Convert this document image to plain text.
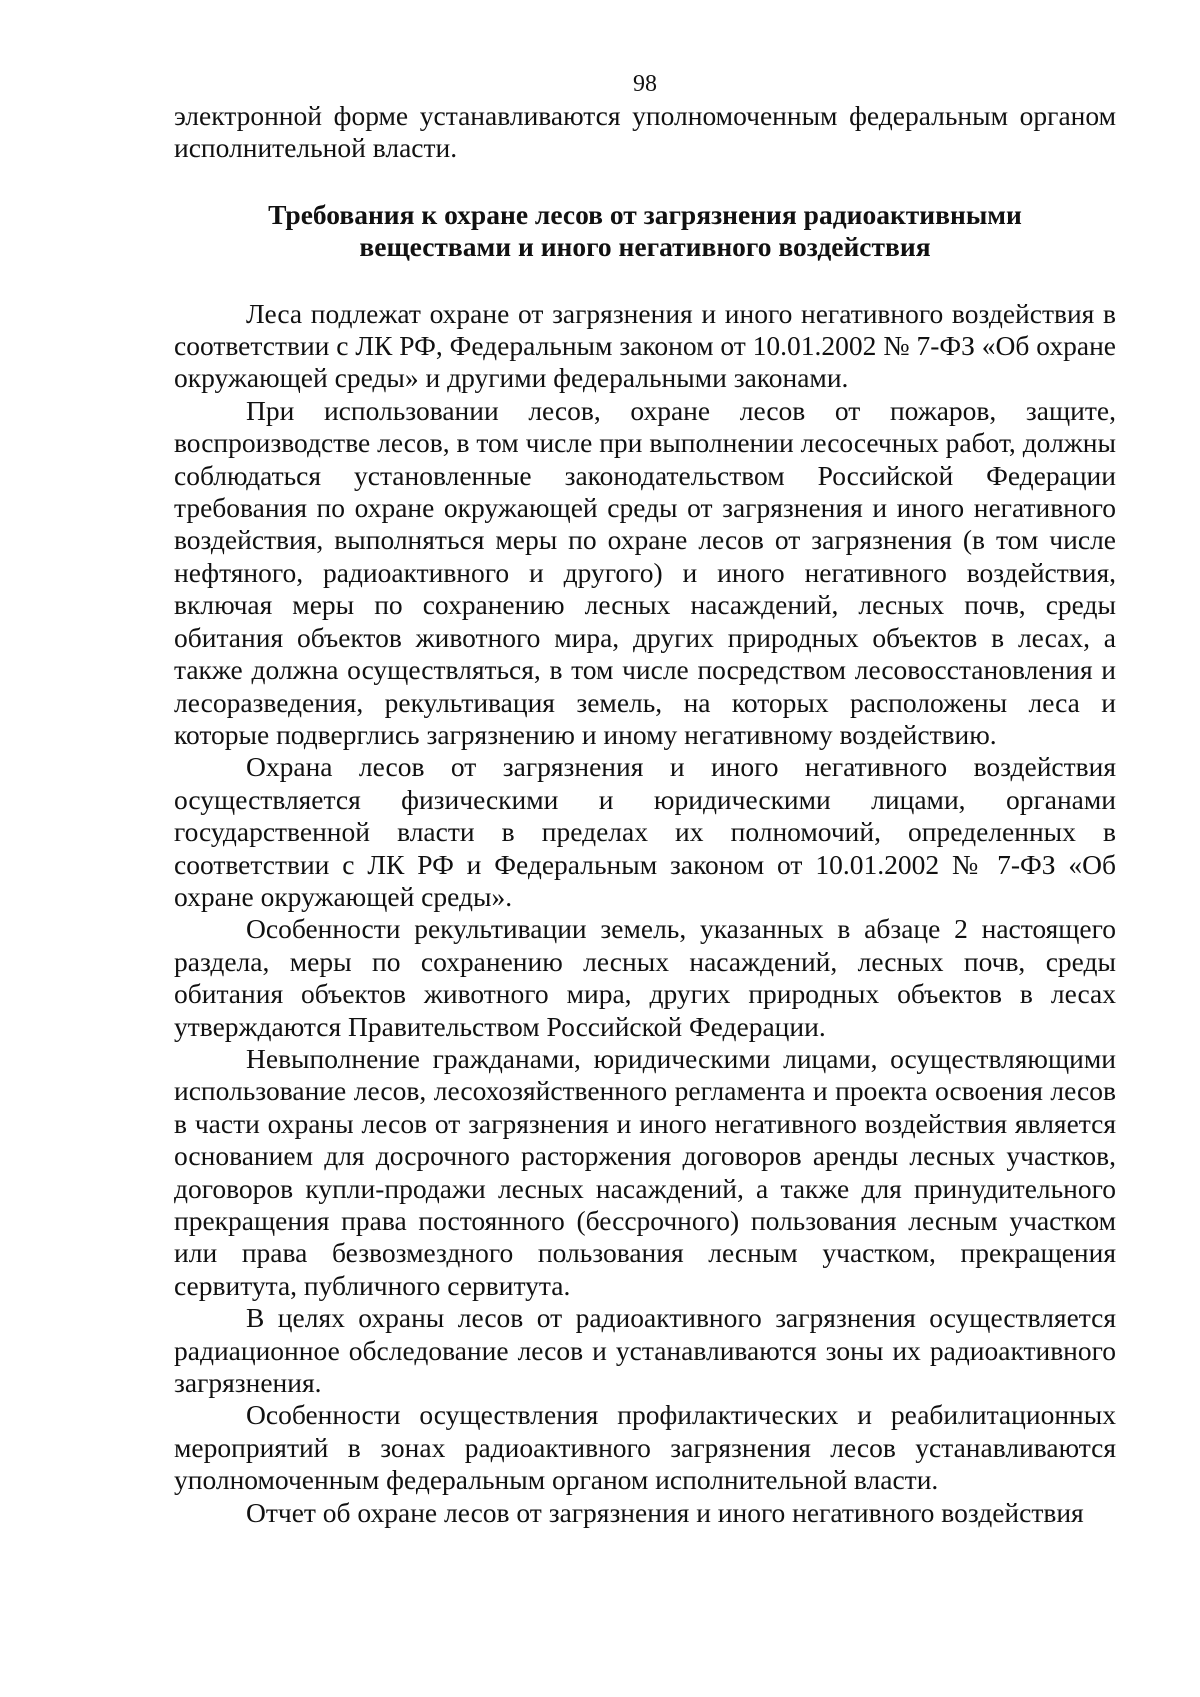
98

электронной форме устанавливаются уполномоченным федеральным органом исполнительной власти.

Требования к охране лесов от загрязнения радиоактивными

веществами и иного негативного воздействия

Леса подлежат охране от загрязнения и иного негативного воздействия в соответствии с ЛК РФ, Федеральным законом от 10.01.2002 № 7-ФЗ «Об охране окружающей среды» и другими федеральными законами.

При использовании лесов, охране лесов от пожаров, защите, воспроизводстве лесов, в том числе при выполнении лесосечных работ, должны соблюдаться установленные законодательством Российской Федерации требования по охране окружающей среды от загрязнения и иного негативного воздействия, выполняться меры по охране лесов от загрязнения (в том числе нефтяного, радиоактивного и другого) и иного негативного воздействия, включая меры по сохранению лесных насаждений, лесных почв, среды обитания объектов животного мира, других природных объектов в лесах, а также должна осуществляться, в том числе посредством лесовосстановления и лесоразведения, рекультивация земель, на которых расположены леса и которые подверглись загрязнению и иному негативному воздействию.

Охрана лесов от загрязнения и иного негативного воздействия осуществляется физическими и юридическими лицами, органами государственной власти в пределах их полномочий, определенных в соответствии с ЛК РФ и Федеральным законом от 10.01.2002 № 7-ФЗ «Об охране окружающей среды».

Особенности рекультивации земель, указанных в абзаце 2 настоящего раздела, меры по сохранению лесных насаждений, лесных почв, среды обитания объектов животного мира, других природных объектов в лесах утверждаются Правительством Российской Федерации.

Невыполнение гражданами, юридическими лицами, осуществляющими использование лесов, лесохозяйственного регламента и проекта освоения лесов в части охраны лесов от загрязнения и иного негативного воздействия является основанием для досрочного расторжения договоров аренды лесных участков, договоров купли-продажи лесных насаждений, а также для принудительного прекращения права постоянного (бессрочного) пользования лесным участком или права безвозмездного пользования лесным участком, прекращения сервитута, публичного сервитута.

В целях охраны лесов от радиоактивного загрязнения осуществляется радиационное обследование лесов и устанавливаются зоны их радиоактивного загрязнения.

Особенности осуществления профилактических и реабилитационных мероприятий в зонах радиоактивного загрязнения лесов устанавливаются уполномоченным федеральным органом исполнительной власти.

Отчет об охране лесов от загрязнения и иного негативного воздействия
